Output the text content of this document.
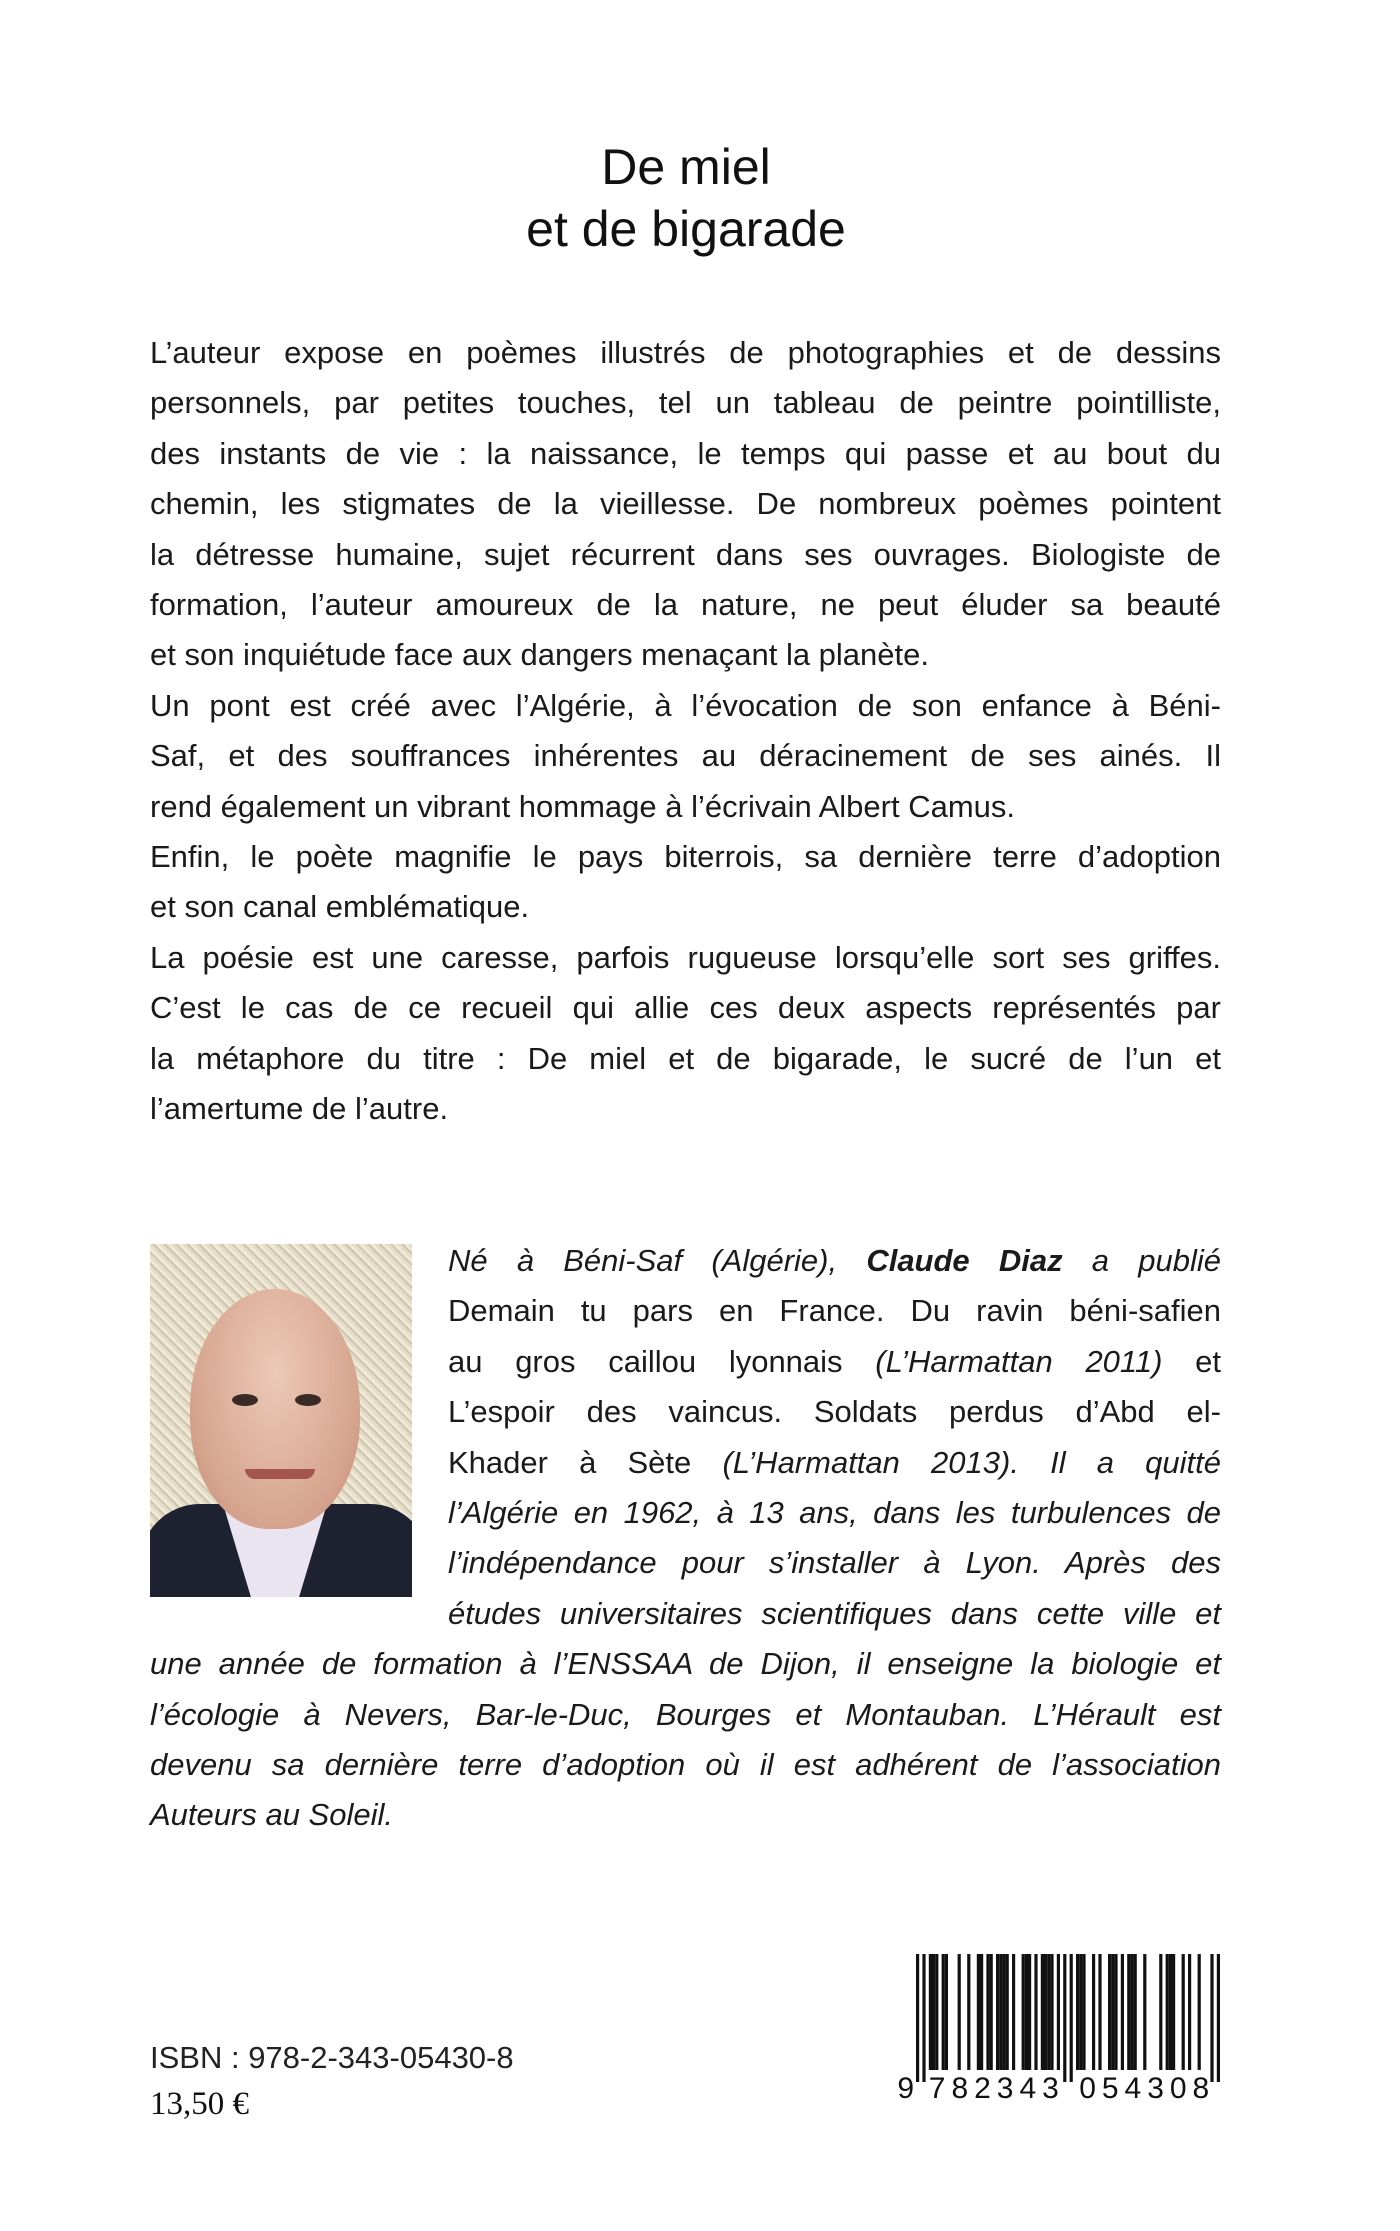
De miel
et de bigarade
L’auteur expose en poèmes illustrés de photographies et de dessins
personnels, par petites touches, tel un tableau de peintre pointilliste,
des instants de vie : la naissance, le temps qui passe et au bout du
chemin, les stigmates de la vieillesse. De nombreux poèmes pointent
la détresse humaine, sujet récurrent dans ses ouvrages. Biologiste de
formation, l’auteur amoureux de la nature, ne peut éluder sa beauté
et son inquiétude face aux dangers menaçant la planète.
Un pont est créé avec l’Algérie, à l’évocation de son enfance à Béni-
Saf, et des souffrances inhérentes au déracinement de ses ainés. Il
rend également un vibrant hommage à l’écrivain Albert Camus.
Enfin, le poète magnifie le pays biterrois, sa dernière terre d’adoption
et son canal emblématique.
La poésie est une caresse, parfois rugueuse lorsqu’elle sort ses griffes.
C’est le cas de ce recueil qui allie ces deux aspects représentés par
la métaphore du titre : De miel et de bigarade, le sucré de l’un et
l’amertume de l’autre.
Né à Béni-Saf (Algérie), Claude Diaz a publié
Demain tu pars en France. Du ravin béni-safien
au gros caillou lyonnais (L’Harmattan 2011) et
L’espoir des vaincus. Soldats perdus d’Abd el-
Khader à Sète (L’Harmattan 2013). Il a quitté
l’Algérie en 1962, à 13 ans, dans les turbulences de
l’indépendance pour s’installer à Lyon. Après des
études universitaires scientifiques dans cette ville et
une année de formation à l’ENSSAA de Dijon, il enseigne la biologie et
l’écologie à Nevers, Bar-le-Duc, Bourges et Montauban. L’Hérault est
devenu sa dernière terre d’adoption où il est adhérent de l’association
Auteurs au Soleil.
ISBN : 978-2-343-05430-8
13,50 €	9 782343 054308
